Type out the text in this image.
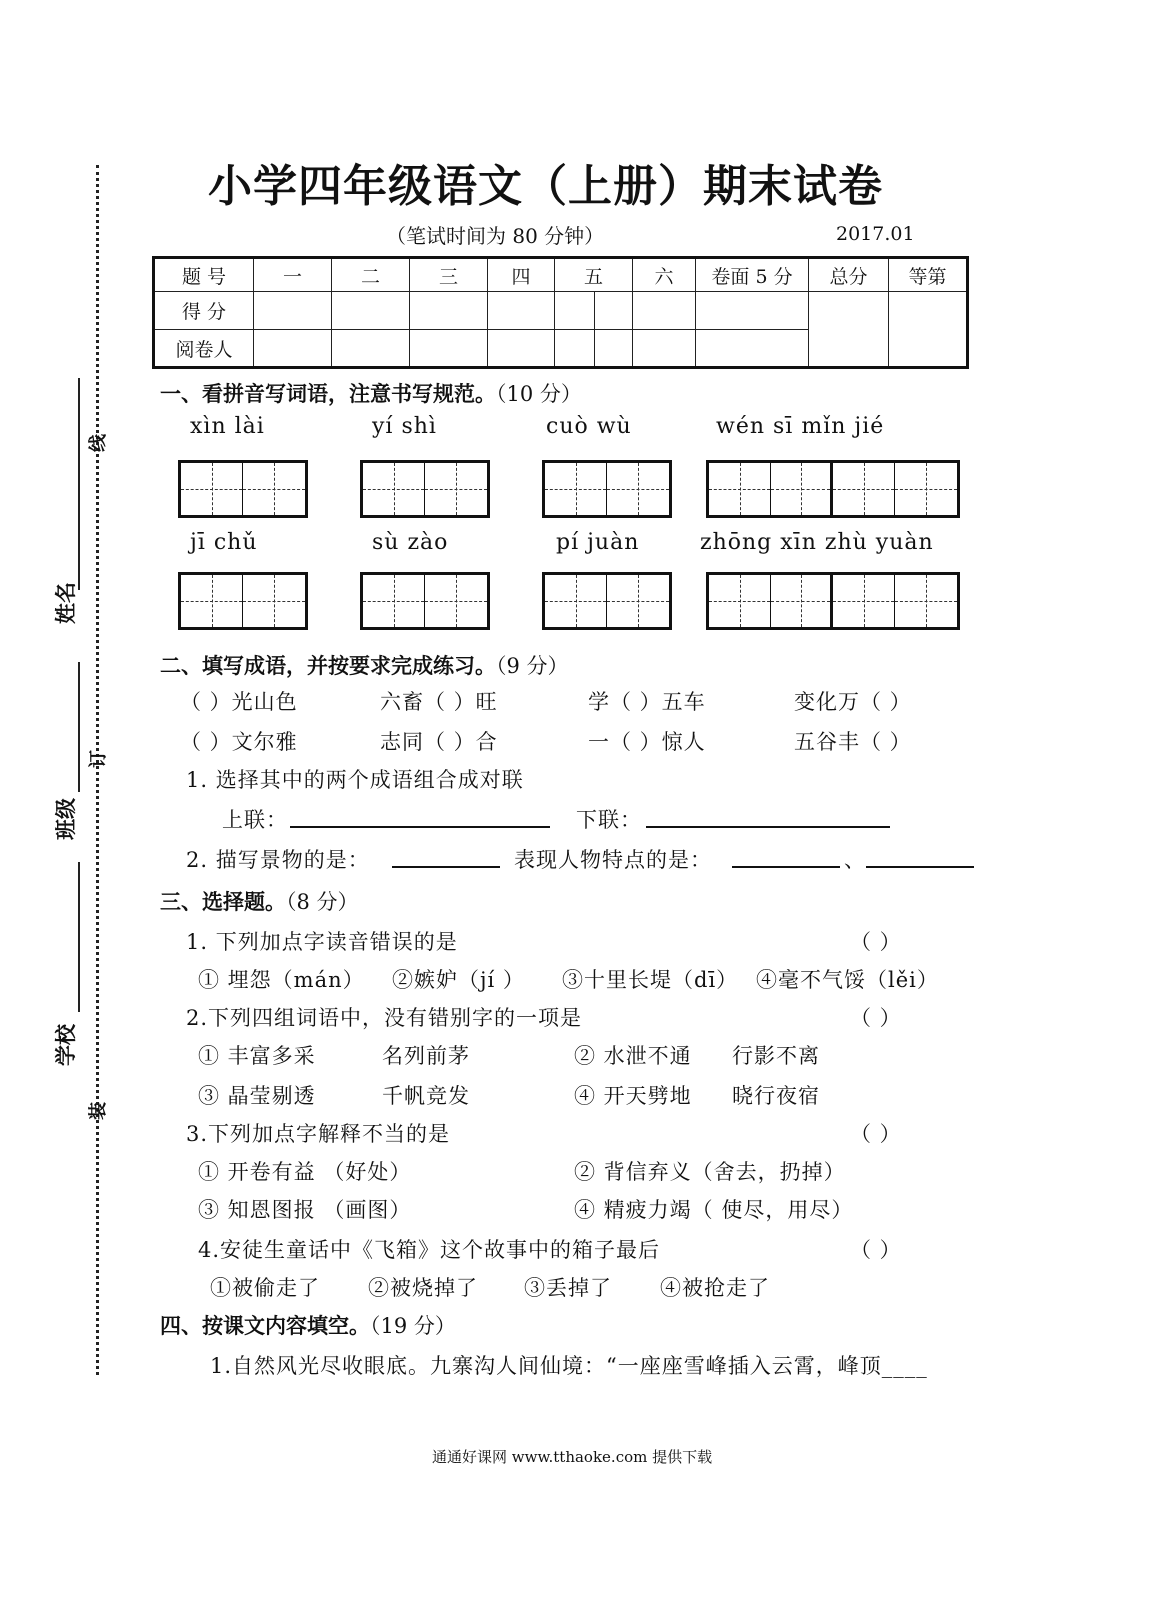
姓名
班级
学校
线
订
装
小学四年级语文（上册）期末试卷
（笔试时间为 80 分钟）	2017.01
题 号	一	二	三	四	五		六	卷面 5 分	总分	等第
得 分										
阅卷人										
一、看拼音写词语，注意书写规范。（10 分）
xìn lài	yí shì	cuò wù	wén sī mǐn jié
jī chǔ	sù zào	pí juàn	zhōng xīn zhù yuàn
二、填写成语，并按要求完成练习。（9 分）
（ ）光山色	六畜（ ）旺	学（ ）五车	变化万（ ）
（ ）文尔雅	志同（ ）合	一（ ）惊人	五谷丰（ ）
1. 选择其中的两个成语组合成对联
上联：	下联：
2. 描写景物的是：	表现人物特点的是：	、
三、选择题。（8 分）
1. 下列加点字读音错误的是	（ ）
① 埋怨（mán） ②嫉妒（jí ） ③十里长堤（dī） ④毫不气馁（lěi）
2.下列四组词语中，没有错别字的一项是	（ ）
① 丰富多采	名列前茅	② 水泄不通 行影不离
③ 晶莹剔透	千帆竞发	④ 开天劈地 晓行夜宿
3.下列加点字解释不当的是	（ ）
① 开卷有益 （好处）	② 背信弃义（舍去，扔掉）
③ 知恩图报 （画图）	④ 精疲力竭（ 使尽，用尽）
4.安徒生童话中《飞箱》这个故事中的箱子最后	（ ）
①被偷走了 ②被烧掉了 ③丢掉了 ④被抢走了
四、按课文内容填空。（19 分）
1.自然风光尽收眼底。九寨沟人间仙境：“一座座雪峰插入云霄，峰顶____
通通好课网 www.tthaoke.com 提供下载
